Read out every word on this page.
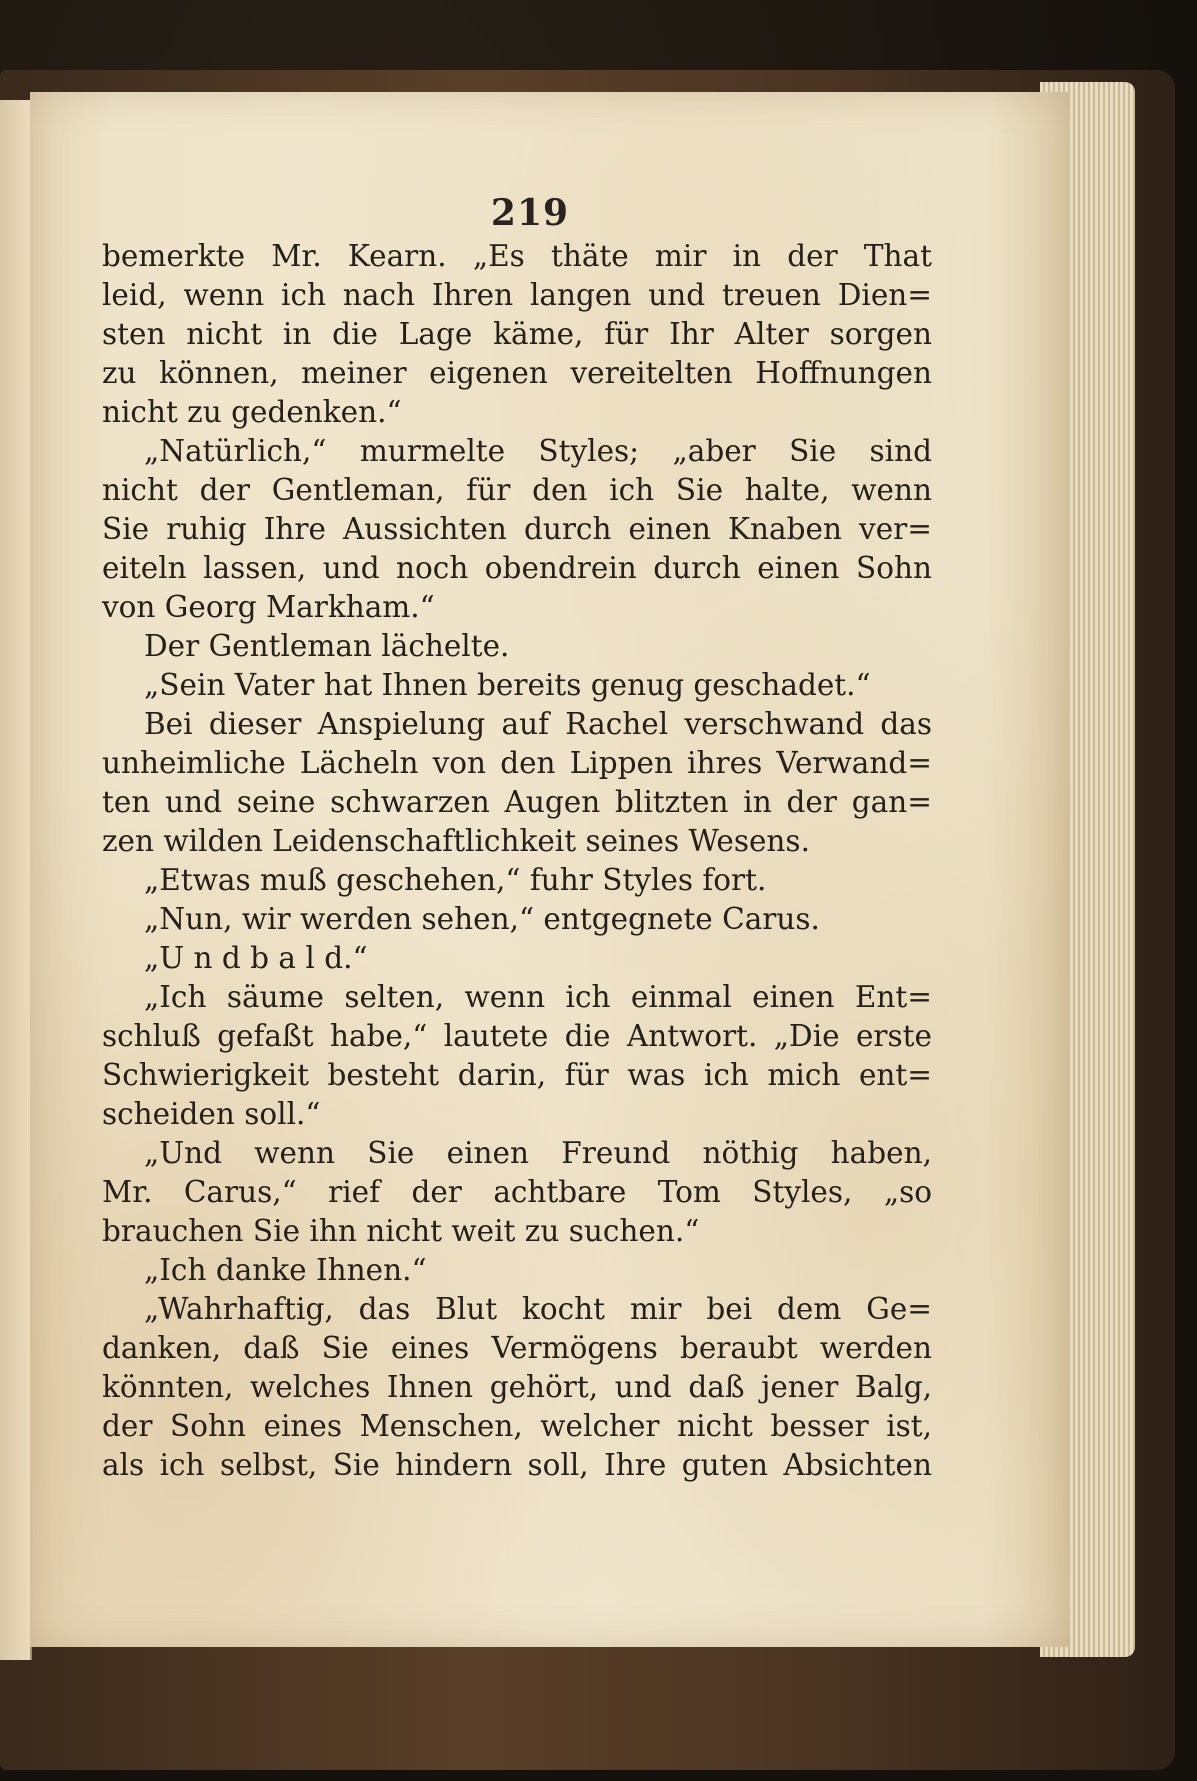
219
bemerkte Mr. Kearn. „Es thäte mir in der That
leid, wenn ich nach Ihren langen und treuen Dien=
sten nicht in die Lage käme, für Ihr Alter sorgen
zu können, meiner eigenen vereitelten Hoffnungen
nicht zu gedenken.“
„Natürlich,“ murmelte Styles; „aber Sie sind
nicht der Gentleman, für den ich Sie halte, wenn
Sie ruhig Ihre Aussichten durch einen Knaben ver=
eiteln lassen, und noch obendrein durch einen Sohn
von Georg Markham.“
Der Gentleman lächelte.
„Sein Vater hat Ihnen bereits genug geschadet.“
Bei dieser Anspielung auf Rachel verschwand das
unheimliche Lächeln von den Lippen ihres Verwand=
ten und seine schwarzen Augen blitzten in der gan=
zen wilden Leidenschaftlichkeit seines Wesens.
„Etwas muß geschehen,“ fuhr Styles fort.
„Nun, wir werden sehen,“ entgegnete Carus.
„U n d b a l d.“
„Ich säume selten, wenn ich einmal einen Ent=
schluß gefaßt habe,“ lautete die Antwort. „Die erste
Schwierigkeit besteht darin, für was ich mich ent=
scheiden soll.“
„Und wenn Sie einen Freund nöthig haben,
Mr. Carus,“ rief der achtbare Tom Styles, „so
brauchen Sie ihn nicht weit zu suchen.“
„Ich danke Ihnen.“
„Wahrhaftig, das Blut kocht mir bei dem Ge=
danken, daß Sie eines Vermögens beraubt werden
könnten, welches Ihnen gehört, und daß jener Balg,
der Sohn eines Menschen, welcher nicht besser ist,
als ich selbst, Sie hindern soll, Ihre guten Absichten
